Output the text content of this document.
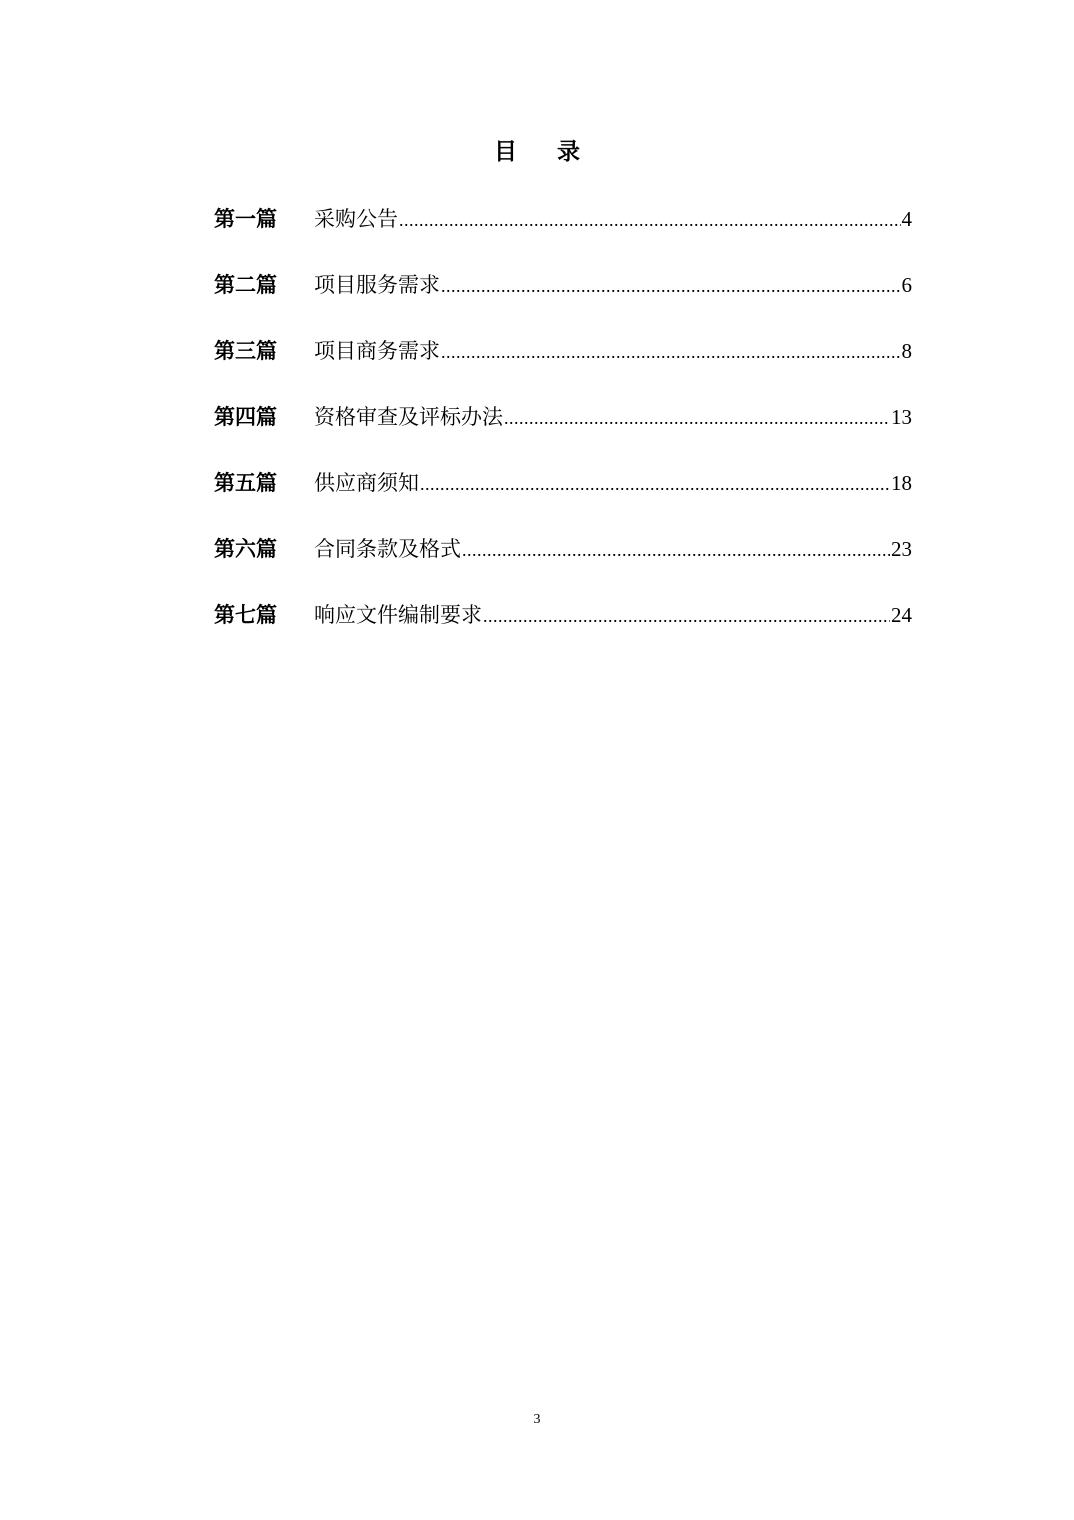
目 录
第一篇	采购公告 .....	4
第二篇	项目服务需求 .....	6
第三篇	项目商务需求 .....	8
第四篇	资格审查及评标办法 .....	13
第五篇	供应商须知 .....	18
第六篇	合同条款及格式 .....	23
第七篇	响应文件编制要求 .....	24
3
